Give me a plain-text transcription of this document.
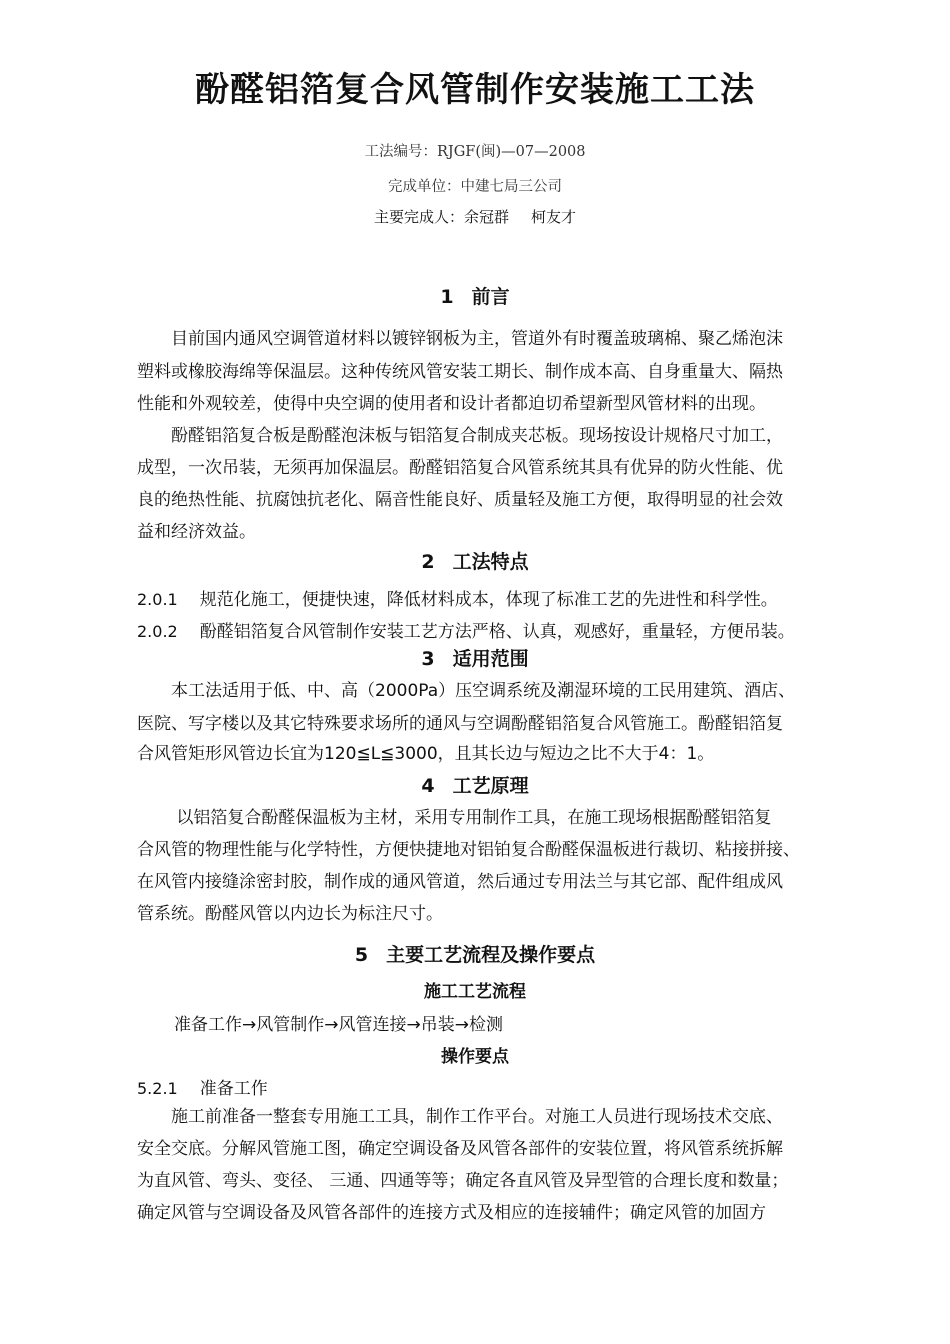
酚醛铝箔复合风管制作安装施工工法
工法编号：RJGF(闽)—07—2008
完成单位：中建七局三公司
主要完成人：余冠群 柯友才
1 前言
　　目前国内通风空调管道材料以镀锌钢板为主，管道外有时覆盖玻璃棉、聚乙烯泡沫
塑料或橡胶海绵等保温层。这种传统风管安装工期长、制作成本高、自身重量大、隔热
性能和外观较差，使得中央空调的使用者和设计者都迫切希望新型风管材料的出现。
　　酚醛铝箔复合板是酚醛泡沫板与铝箔复合制成夹芯板。现场按设计规格尺寸加工，
成型，一次吊装，无须再加保温层。酚醛铝箔复合风管系统其具有优异的防火性能、优
良的绝热性能、抗腐蚀抗老化、隔音性能良好、质量轻及施工方便，取得明显的社会效
益和经济效益。
2 工法特点
2.0.1 规范化施工，便捷快速，降低材料成本，体现了标准工艺的先进性和科学性。
2.0.2 酚醛铝箔复合风管制作安装工艺方法严格、认真，观感好，重量轻，方便吊装。
3 适用范围
　　本工法适用于低、中、高（2000Pa）压空调系统及潮湿环境的工民用建筑、酒店、
医院、写字楼以及其它特殊要求场所的通风与空调酚醛铝箔复合风管施工。酚醛铝箔复
合风管矩形风管边长宜为120≦L≦3000，且其长边与短边之比不大于4：1。
4 工艺原理
　　 以铝箔复合酚醛保温板为主材，采用专用制作工具，在施工现场根据酚醛铝箔复
合风管的物理性能与化学特性，方便快捷地对铝铂复合酚醛保温板进行裁切、粘接拼接、
在风管内接缝涂密封胶，制作成的通风管道，然后通过专用法兰与其它部、配件组成风
管系统。酚醛风管以内边长为标注尺寸。
5 主要工艺流程及操作要点
施工工艺流程
准备工作→风管制作→风管连接→吊装→检测
操作要点
5.2.1 准备工作
　　施工前准备一整套专用施工工具，制作工作平台。对施工人员进行现场技术交底、
安全交底。分解风管施工图，确定空调设备及风管各部件的安装位置，将风管系统拆解
为直风管、弯头、变径、 三通、四通等等；确定各直风管及异型管的合理长度和数量；
确定风管与空调设备及风管各部件的连接方式及相应的连接辅件；确定风管的加固方
